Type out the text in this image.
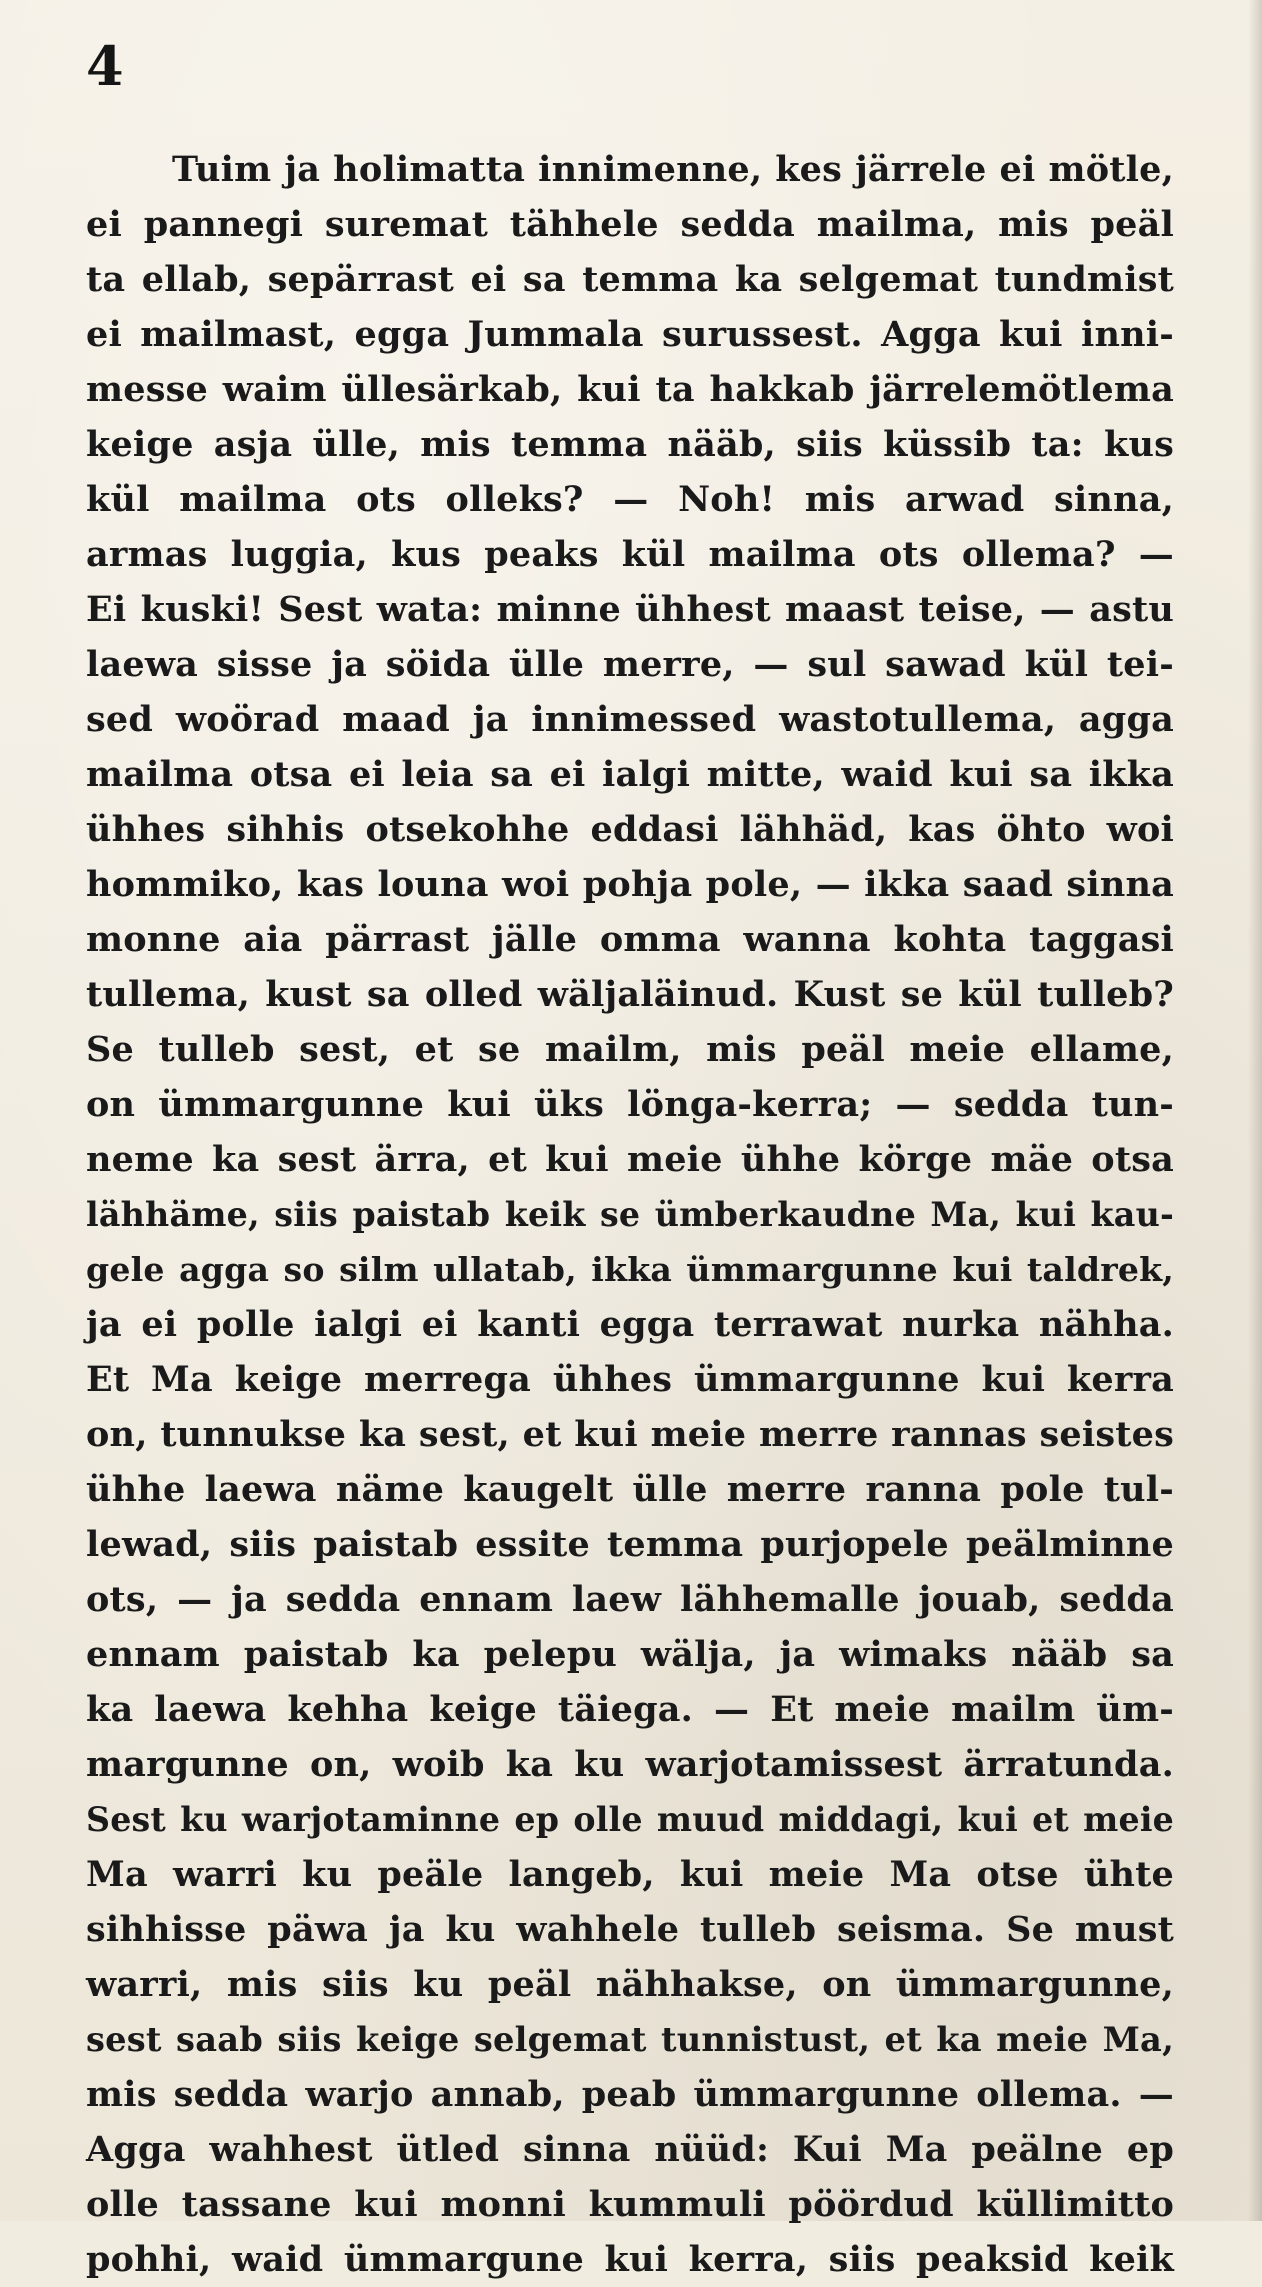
4

Tuim ja holimatta innimenne, kes järrele ei mötle,
ei pannegi suremat tähhele sedda mailma, mis peäl
ta ellab, sepärrast ei sa temma ka selgemat tundmist
ei mailmast, egga Jummala surussest. Agga kui inni-
messe waim üllesärkab, kui ta hakkab järrelemötlema
keige asja ülle, mis temma nääb, siis küssib ta: kus
kül mailma ots olleks? — Noh! mis arwad sinna,
armas luggia, kus peaks kül mailma ots ollema? —
Ei kuski! Sest wata: minne ühhest maast teise, — astu
laewa sisse ja söida ülle merre, — sul sawad kül tei-
sed woörad maad ja innimessed wastotullema, agga
mailma otsa ei leia sa ei ialgi mitte, waid kui sa ikka
ühhes sihhis otsekohhe eddasi lähhäd, kas öhto woi
hommiko, kas louna woi pohja pole, — ikka saad sinna
monne aia pärrast jälle omma wanna kohta taggasi
tullema, kust sa olled wäljaläinud. Kust se kül tulleb?
Se tulleb sest, et se mailm, mis peäl meie ellame,
on ümmargunne kui üks lönga-kerra; — sedda tun-
neme ka sest ärra, et kui meie ühhe körge mäe otsa
lähhäme, siis paistab keik se ümberkaudne Ma, kui kau-
gele agga so silm ullatab, ikka ümmargunne kui taldrek,
ja ei polle ialgi ei kanti egga terrawat nurka nähha.
Et Ma keige merrega ühhes ümmargunne kui kerra
on, tunnukse ka sest, et kui meie merre rannas seistes
ühhe laewa näme kaugelt ülle merre ranna pole tul-
lewad, siis paistab essite temma purjopele peälminne
ots, — ja sedda ennam laew lähhemalle jouab, sedda
ennam paistab ka pelepu wälja, ja wimaks nääb sa
ka laewa kehha keige täiega. — Et meie mailm üm-
margunne on, woib ka ku warjotamissest ärratunda.
Sest ku warjotaminne ep olle muud middagi, kui et meie
Ma warri ku peäle langeb, kui meie Ma otse ühte
sihhisse päwa ja ku wahhele tulleb seisma. Se must
warri, mis siis ku peäl nähhakse, on ümmargunne,
sest saab siis keige selgemat tunnistust, et ka meie Ma,
mis sedda warjo annab, peab ümmargunne ollema. —
Agga wahhest ütled sinna nüüd: Kui Ma peälne ep
olle tassane kui monni kummuli pöördud küllimitto
pohhi, waid ümmargune kui kerra, siis peaksid keik
